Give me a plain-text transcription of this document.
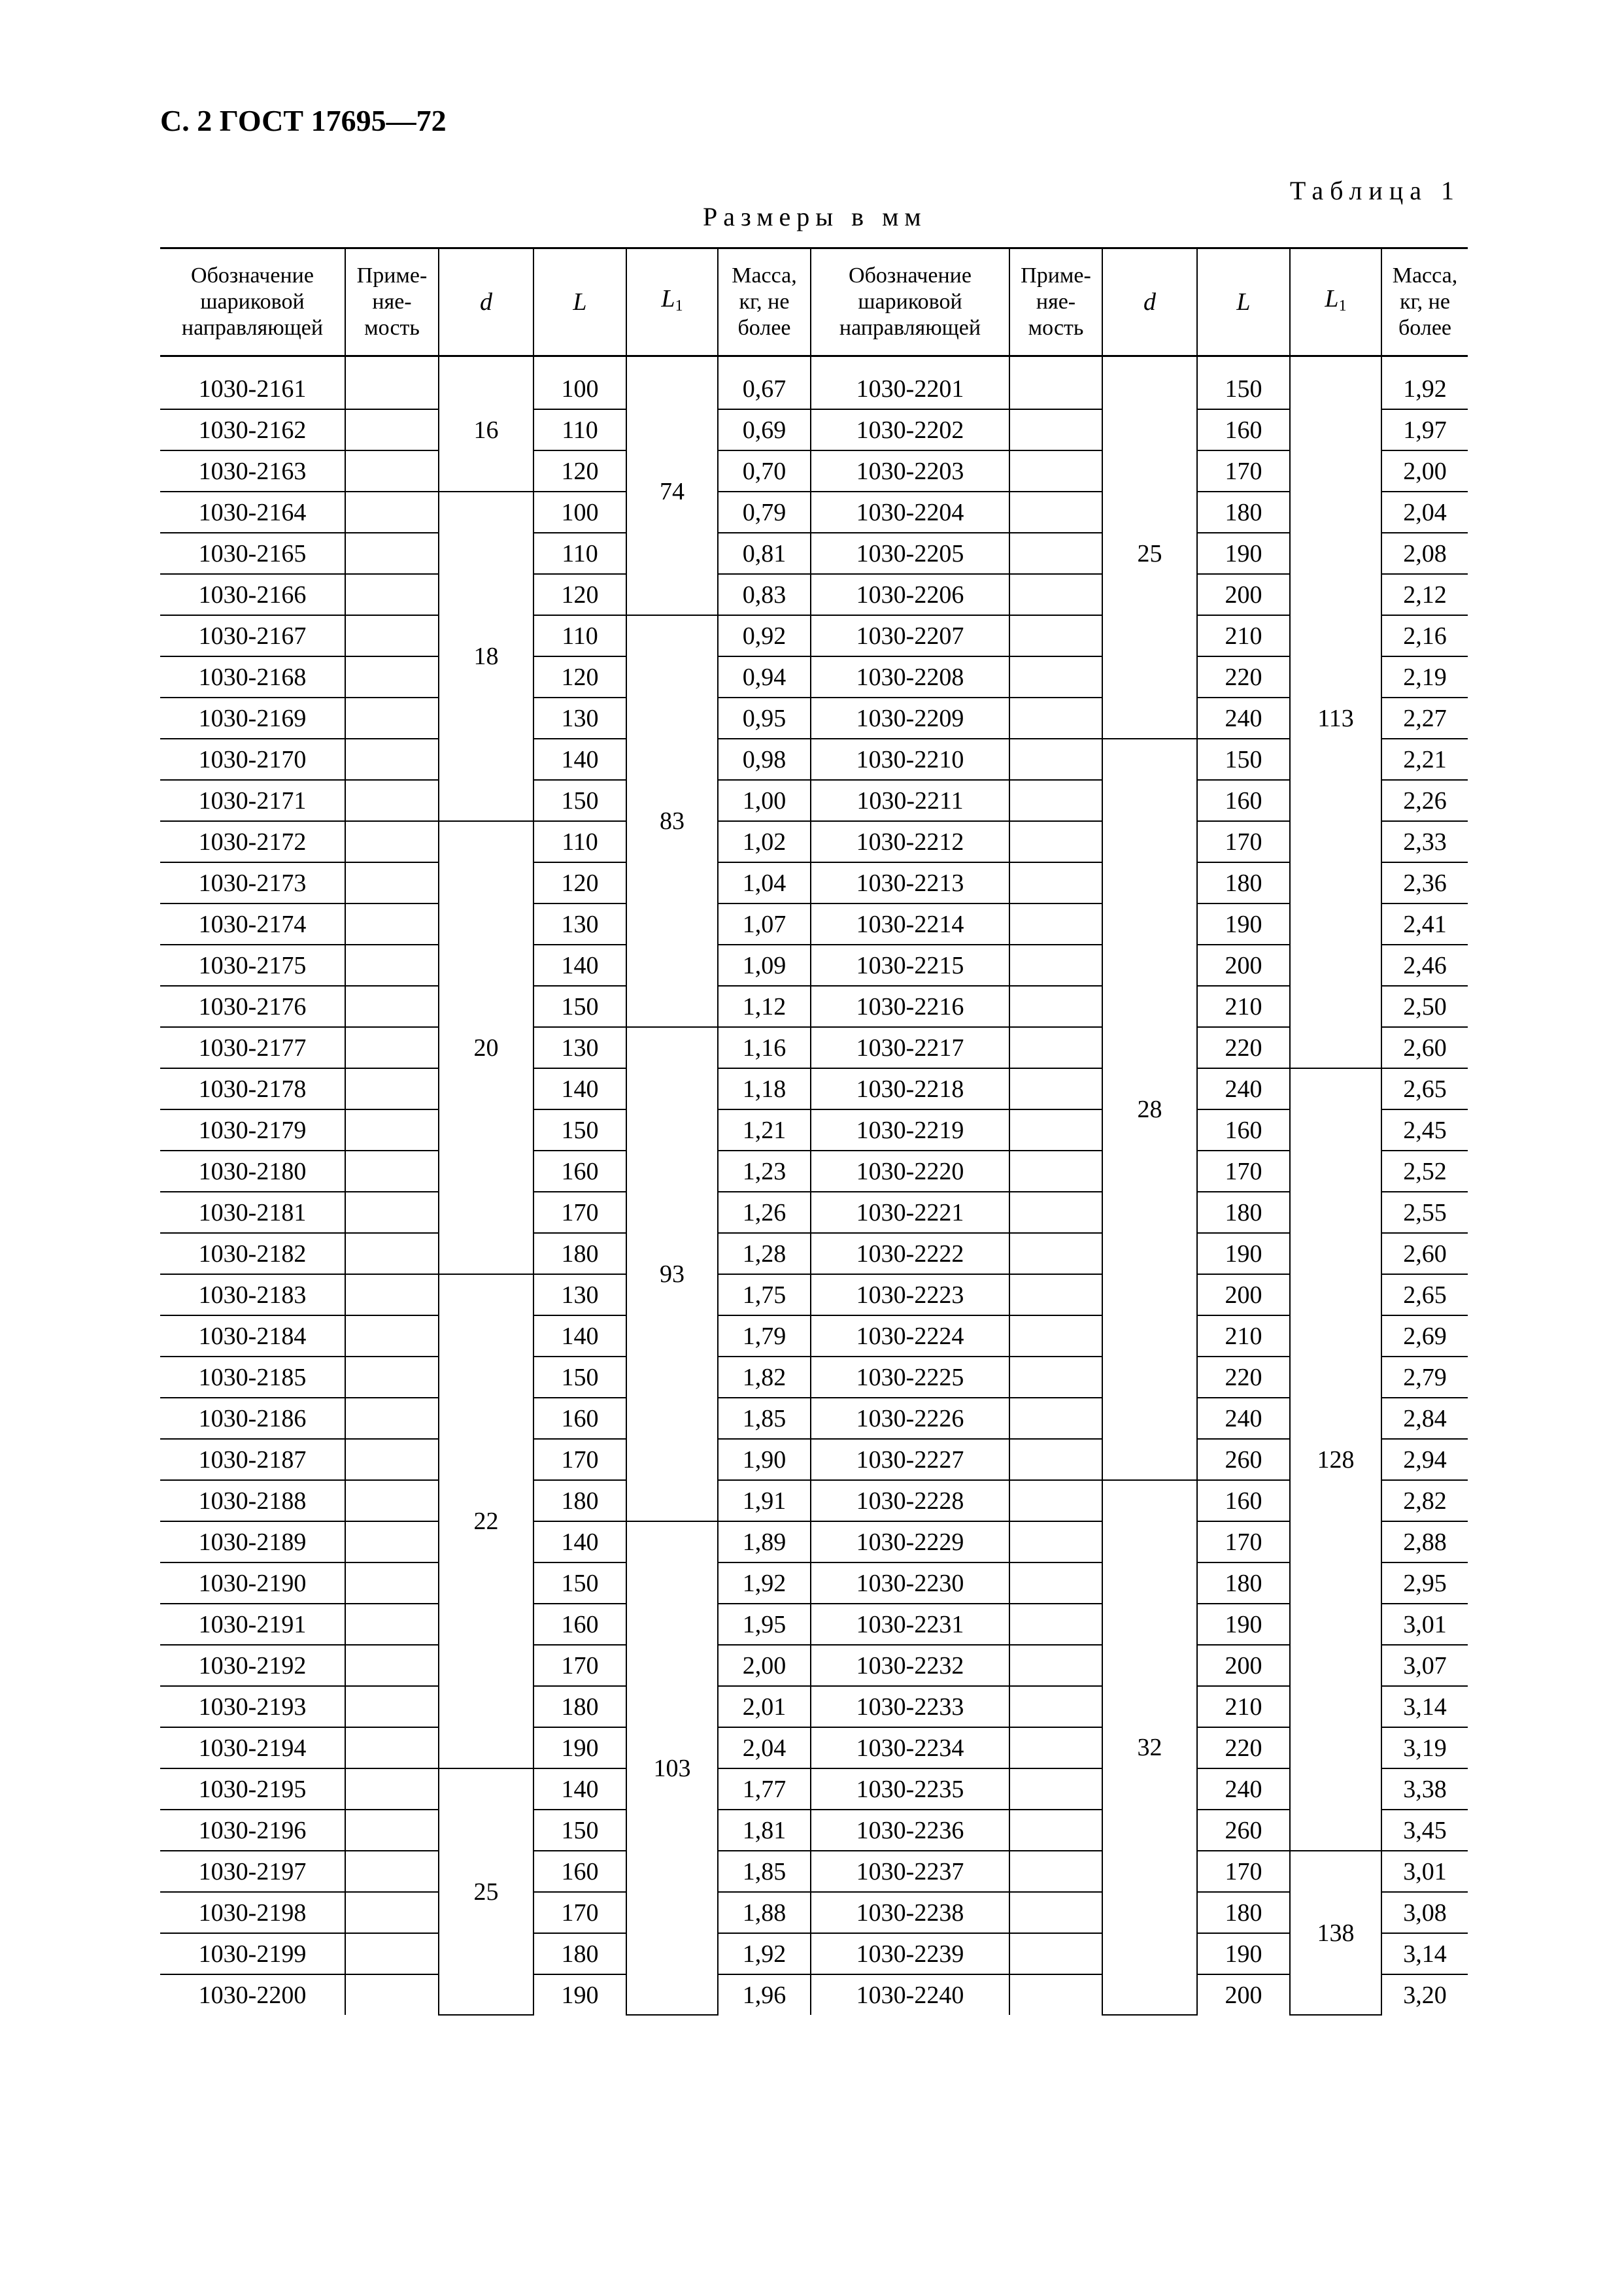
С. 2 ГОСТ 17695—72
Таблица 1
Размеры в мм
Обозначение шариковой направляющей	Приме-няе-мость	d	L	$L_1$	Масса, кг, не более	Обозначение шариковой направляющей	Приме-няе-мость	d	L	$L_1$	Масса, кг, не более
1030-2161		16	100	74	0,67	1030-2201		25	150	113	1,92
1030-2162			110		0,69	1030-2202			160		1,97
1030-2163			120		0,70	1030-2203			170		2,00
1030-2164		18	100		0,79	1030-2204			180		2,04
1030-2165			110		0,81	1030-2205			190		2,08
1030-2166			120		0,83	1030-2206			200		2,12
1030-2167			110	83	0,92	1030-2207			210		2,16
1030-2168			120		0,94	1030-2208			220		2,19
1030-2169			130		0,95	1030-2209			240		2,27
1030-2170			140		0,98	1030-2210		28	150		2,21
1030-2171			150		1,00	1030-2211			160		2,26
1030-2172		20	110		1,02	1030-2212			170		2,33
1030-2173			120		1,04	1030-2213			180		2,36
1030-2174			130		1,07	1030-2214			190		2,41
1030-2175			140		1,09	1030-2215			200		2,46
1030-2176			150		1,12	1030-2216			210		2,50
1030-2177			130	93	1,16	1030-2217			220		2,60
1030-2178			140		1,18	1030-2218			240	128	2,65
1030-2179			150		1,21	1030-2219			160		2,45
1030-2180			160		1,23	1030-2220			170		2,52
1030-2181			170		1,26	1030-2221			180		2,55
1030-2182			180		1,28	1030-2222			190		2,60
1030-2183		22	130		1,75	1030-2223			200		2,65
1030-2184			140		1,79	1030-2224			210		2,69
1030-2185			150		1,82	1030-2225			220		2,79
1030-2186			160		1,85	1030-2226			240		2,84
1030-2187			170		1,90	1030-2227			260		2,94
1030-2188			180		1,91	1030-2228		32	160		2,82
1030-2189			140	103	1,89	1030-2229			170		2,88
1030-2190			150		1,92	1030-2230			180		2,95
1030-2191			160		1,95	1030-2231			190		3,01
1030-2192			170		2,00	1030-2232			200		3,07
1030-2193			180		2,01	1030-2233			210		3,14
1030-2194			190		2,04	1030-2234			220		3,19
1030-2195		25	140		1,77	1030-2235			240		3,38
1030-2196			150		1,81	1030-2236			260		3,45
1030-2197			160		1,85	1030-2237			170	138	3,01
1030-2198			170		1,88	1030-2238			180		3,08
1030-2199			180		1,92	1030-2239			190		3,14
1030-2200			190		1,96	1030-2240			200		3,20
